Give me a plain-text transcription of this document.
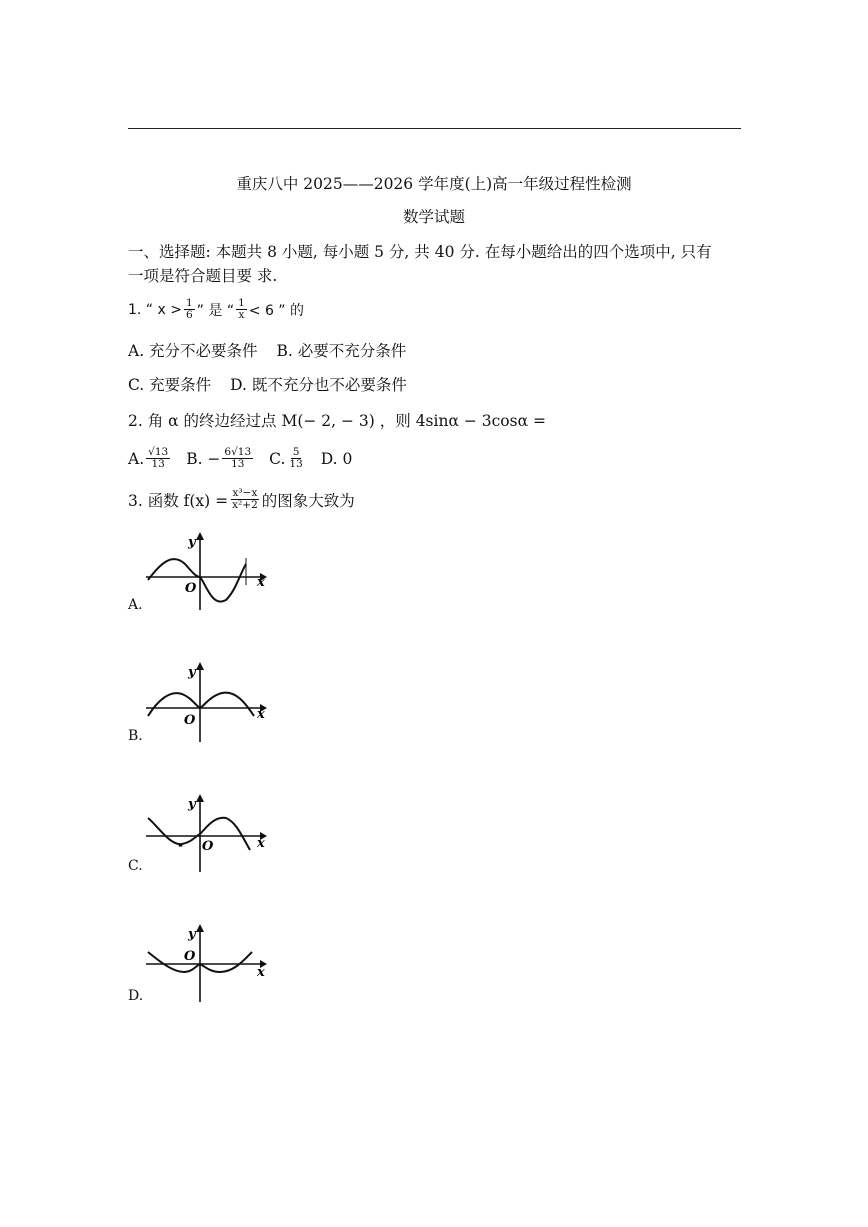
重庆八中 2025——2026 学年度(上)高一年级过程性检测
数学试题
一、选择题: 本题共 8 小题, 每小题 5 分, 共 40 分. 在每小题给出的四个选项中, 只有
一项是符合题目要 求.
1. “ $x > \frac{1}{6}$ ” 是 “ $\frac{1}{x} < 6$ ” 的
A. 充分不必要条件 B. 必要不充分条件
C. 充要条件 D. 既不充分也不必要条件
2. 角 α 的终边经过点 M(− 2, − 3) ，则 4sinα − 3cosα =
A. $\frac{√13}{13} B$. − $\frac{6√13}{13} C$. $\frac{5}{13} D$. 0
3. 函数 $f(x) = \frac{\text{x³−x}}{\text{x²+2}}$ 的图象大致为
y
x
O
A.
y
x
O
B.
y
x
O
-
C.
y
x
O
D.
